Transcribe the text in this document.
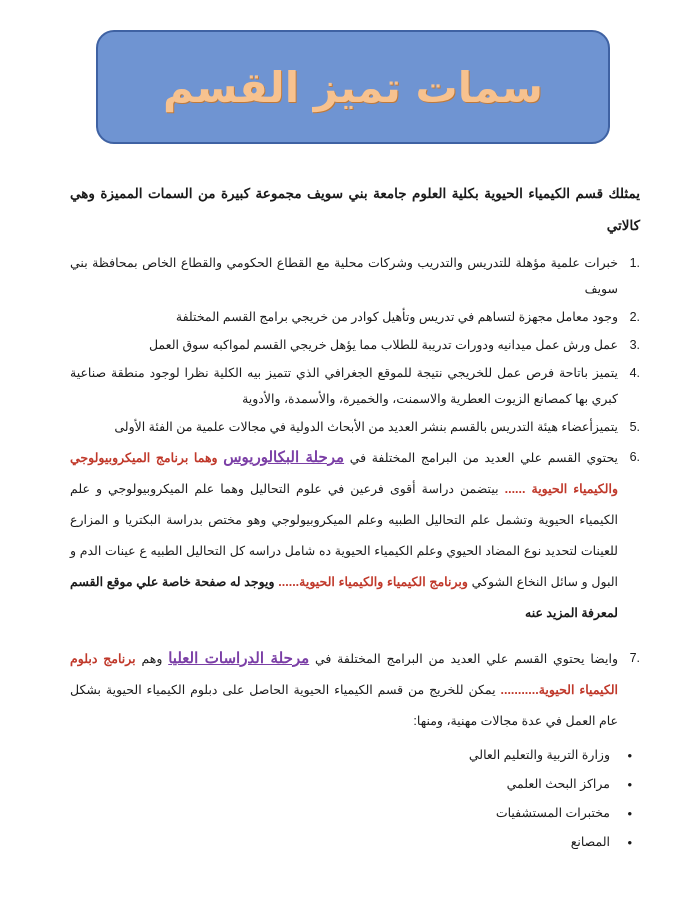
سمات تميز القسم

يمثلك قسم الكيمياء الحيوية بكلية العلوم جامعة بني سويف مجموعة كبيرة من السمات المميزة وهي كالاتي

.1
خبرات علمية مؤهلة للتدريس والتدريب وشركات محلية مع القطاع الحكومي والقطاع الخاص بمحافظة بني سويف
.2
وجود معامل مجهزة لتساهم في تدريس وتأهيل كوادر من خريجي برامج القسم المختلفة
.3
عمل ورش عمل ميدانيه ودورات تدريبة للطلاب مما يؤهل خريجي القسم لمواكبه سوق العمل
.4
يتميز باتاحة فرص عمل للخريجي نتيجة للموقع الجغرافي الذي تتميز بيه الكلية نظرا لوجود منطقة صناعية كبري بها كمصانع الزيوت العطرية والاسمنت، والخميرة، والأسمدة، والأدوية
.5
يتميزأعضاء هيئة التدريس بالقسم بنشر العديد من الأبحاث الدولية في مجالات علمية من الفئة الأولى
.6
يحتوي القسم علي العديد من البرامج المختلفة في مرحلة البكالوريوس وهما برنامج الميكروبيولوجي والكيمياء الحيوية ...... بيتضمن دراسة أقوى فرعين في علوم التحاليل وهما علم الميكروبيولوجي و علم الكيمياء الحيوية وتشمل علم التحاليل الطبيه وعلم الميكروبيولوجي وهو مختص بدراسة البكتريا و المزارع للعينات لتحديد نوع المضاد الحيوي وعلم الكيمياء الحيوية ده شامل دراسه كل التحاليل الطبيه ع عينات الدم و البول و سائل النخاع الشوكي وبرنامج الكيمياء والكيمياء الحيوية...... ويوجد له صفحة خاصة علي موقع القسم لمعرفة المزيد عنه
.7
وايضا يحتوي القسم علي العديد من البرامج المختلفة في مرحلة الدراسات العليا وهم برنامج دبلوم الكيمياء الحيوية........... يمكن للخريج من قسم الكيمياء الحيوية الحاصل على دبلوم الكيمياء الحيوية بشكل عام العمل في عدة مجالات مهنية، ومنها:
• وزارة التربية والتعليم العالي
• مراكز البحث العلمي
• مختبرات المستشفيات
• المصانع
